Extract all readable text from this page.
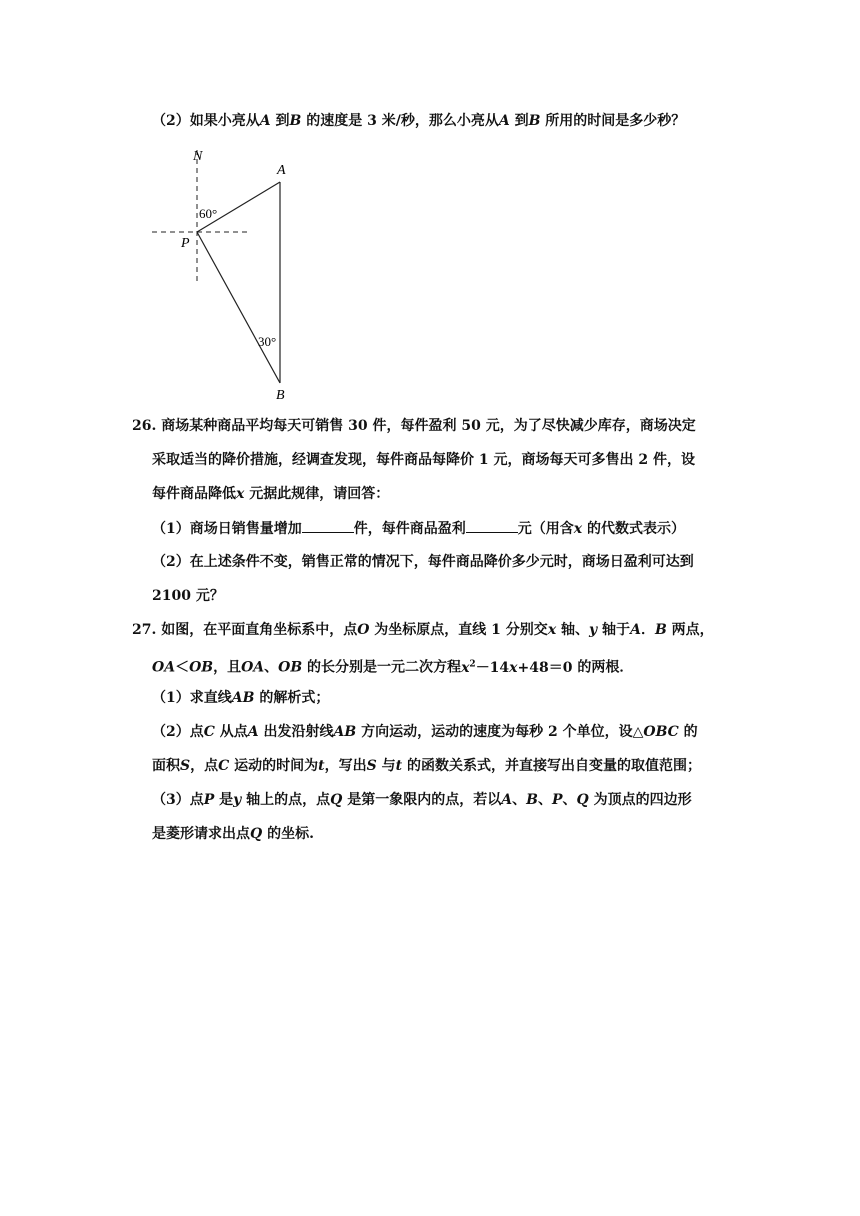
（2）如果小亮从A 到B 的速度是 3 米/秒，那么小亮从A 到B 所用的时间是多少秒？
N
A
P
B
60°
30°
26. 商场某种商品平均每天可销售 30 件，每件盈利 50 元，为了尽快减少库存，商场决定
采取适当的降价措施，经调查发现，每件商品每降价 1 元，商场每天可多售出 2 件，设
每件商品降低x 元据此规律，请回答：
（1）商场日销售量增加	件，每件商品盈利	元（用含x 的代数式表示）
（2）在上述条件不变，销售正常的情况下，每件商品降价多少元时，商场日盈利可达到
2100 元？
27. 如图，在平面直角坐标系中，点O 为坐标原点，直线 1 分别交x 轴、y 轴于A．B 两点，
OA＜OB，且OA、OB 的长分别是一元二次方程$x^2-14x+48=0$ 的两根．
（1）求直线AB 的解析式；
（2）点C 从点A 出发沿射线AB 方向运动，运动的速度为每秒 2 个单位，设△OBC 的
面积S，点C 运动的时间为t，写出S 与t 的函数关系式，并直接写出自变量的取值范围；
（3）点P 是y 轴上的点，点Q 是第一象限内的点，若以A、B、P、Q 为顶点的四边形
是菱形请求出点Q 的坐标.
